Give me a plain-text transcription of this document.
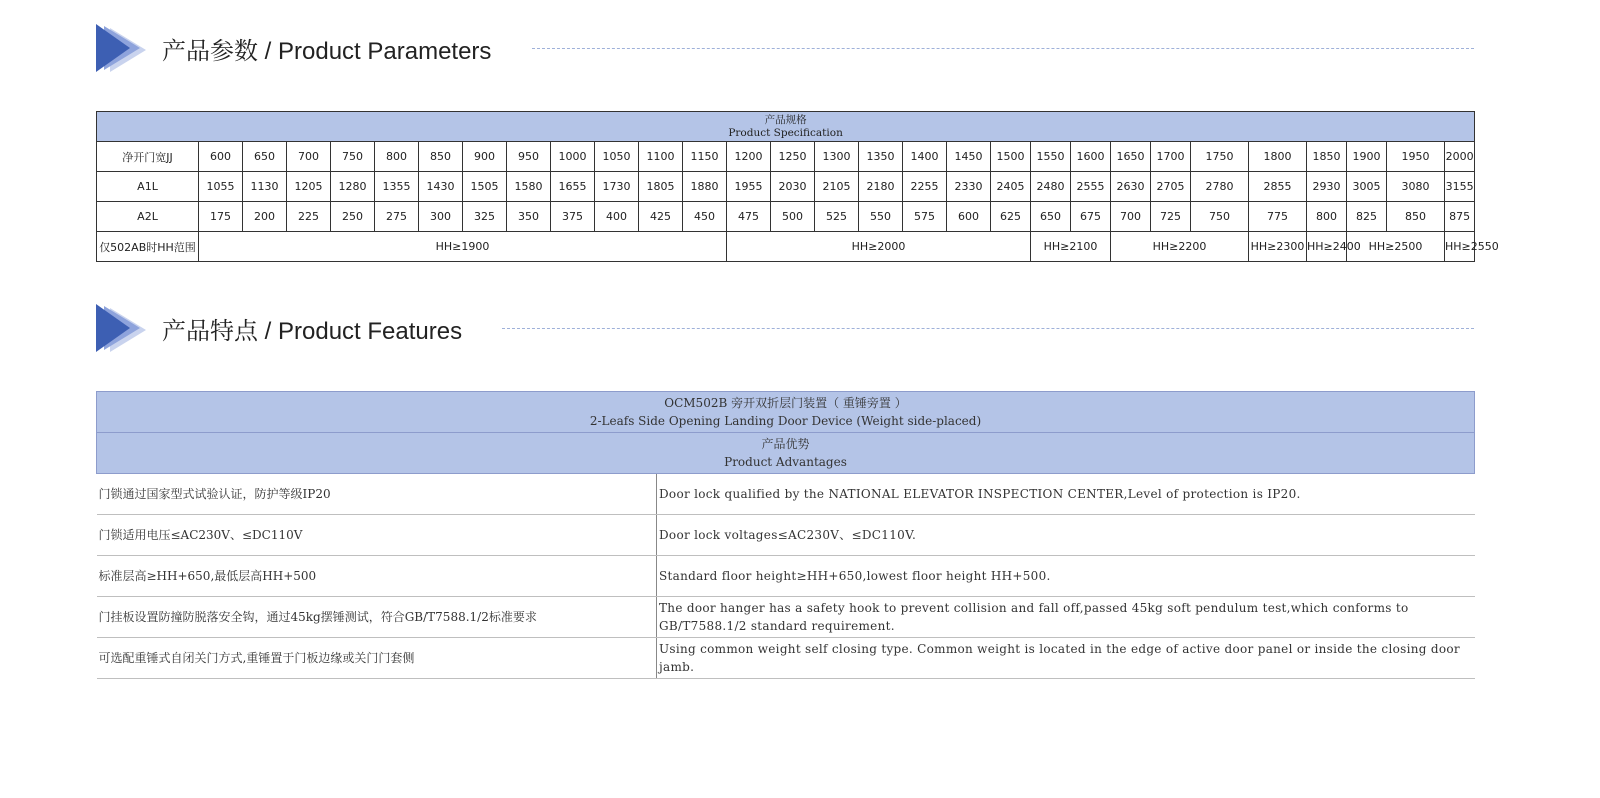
产品参数 / Product Parameters
产品规格
Product Specification																													

净开门宽JJ	600	650	700	750	800	850	900	950	1000	1050	1100	1150	1200	1250	1300	1350	1400	1450	1500	1550	1600	1650	1700	1750	1800	1850	1900	1950	2000
A1L	1055	1130	1205	1280	1355	1430	1505	1580	1655	1730	1805	1880	1955	2030	2105	2180	2255	2330	2405	2480	2555	2630	2705	2780	2855	2930	3005	3080	3155
A2L	175	200	225	250	275	300	325	350	375	400	425	450	475	500	525	550	575	600	625	650	675	700	725	750	775	800	825	850	875
仅502AB时HH范围	HH≥1900												HH≥2000							HH≥2100		HH≥2200			HH≥2300	HH≥2400	HH≥2500		HH≥2550
产品特点 / Product Features
OCM502B 旁开双折层门装置（ 重锤旁置 ）
2-Leafs Side Opening Landing Door Device (Weight side-placed)	

产品优势
Product Advantages	

门锁通过国家型式试验认证，防护等级IP20	Door lock qualified by the NATIONAL ELEVATOR INSPECTION CENTER,Level of protection is IP20.
门锁适用电压≤AC230V、≤DC110V	Door lock voltages≤AC230V、≤DC110V.
标准层高≥HH+650,最低层高HH+500	Standard floor height≥HH+650,lowest floor height HH+500.
门挂板设置防撞防脱落安全钩，通过45kg摆锤测试，符合GB/T7588.1/2标准要求	The door hanger has a safety hook to prevent collision and fall off,passed 45kg soft pendulum test,which conforms to GB/T7588.1/2 standard requirement.
可选配重锤式自闭关门方式,重锤置于门板边缘或关门门套侧	Using common weight self closing type. Common weight is located in the edge of active door panel or inside the closing door jamb.
